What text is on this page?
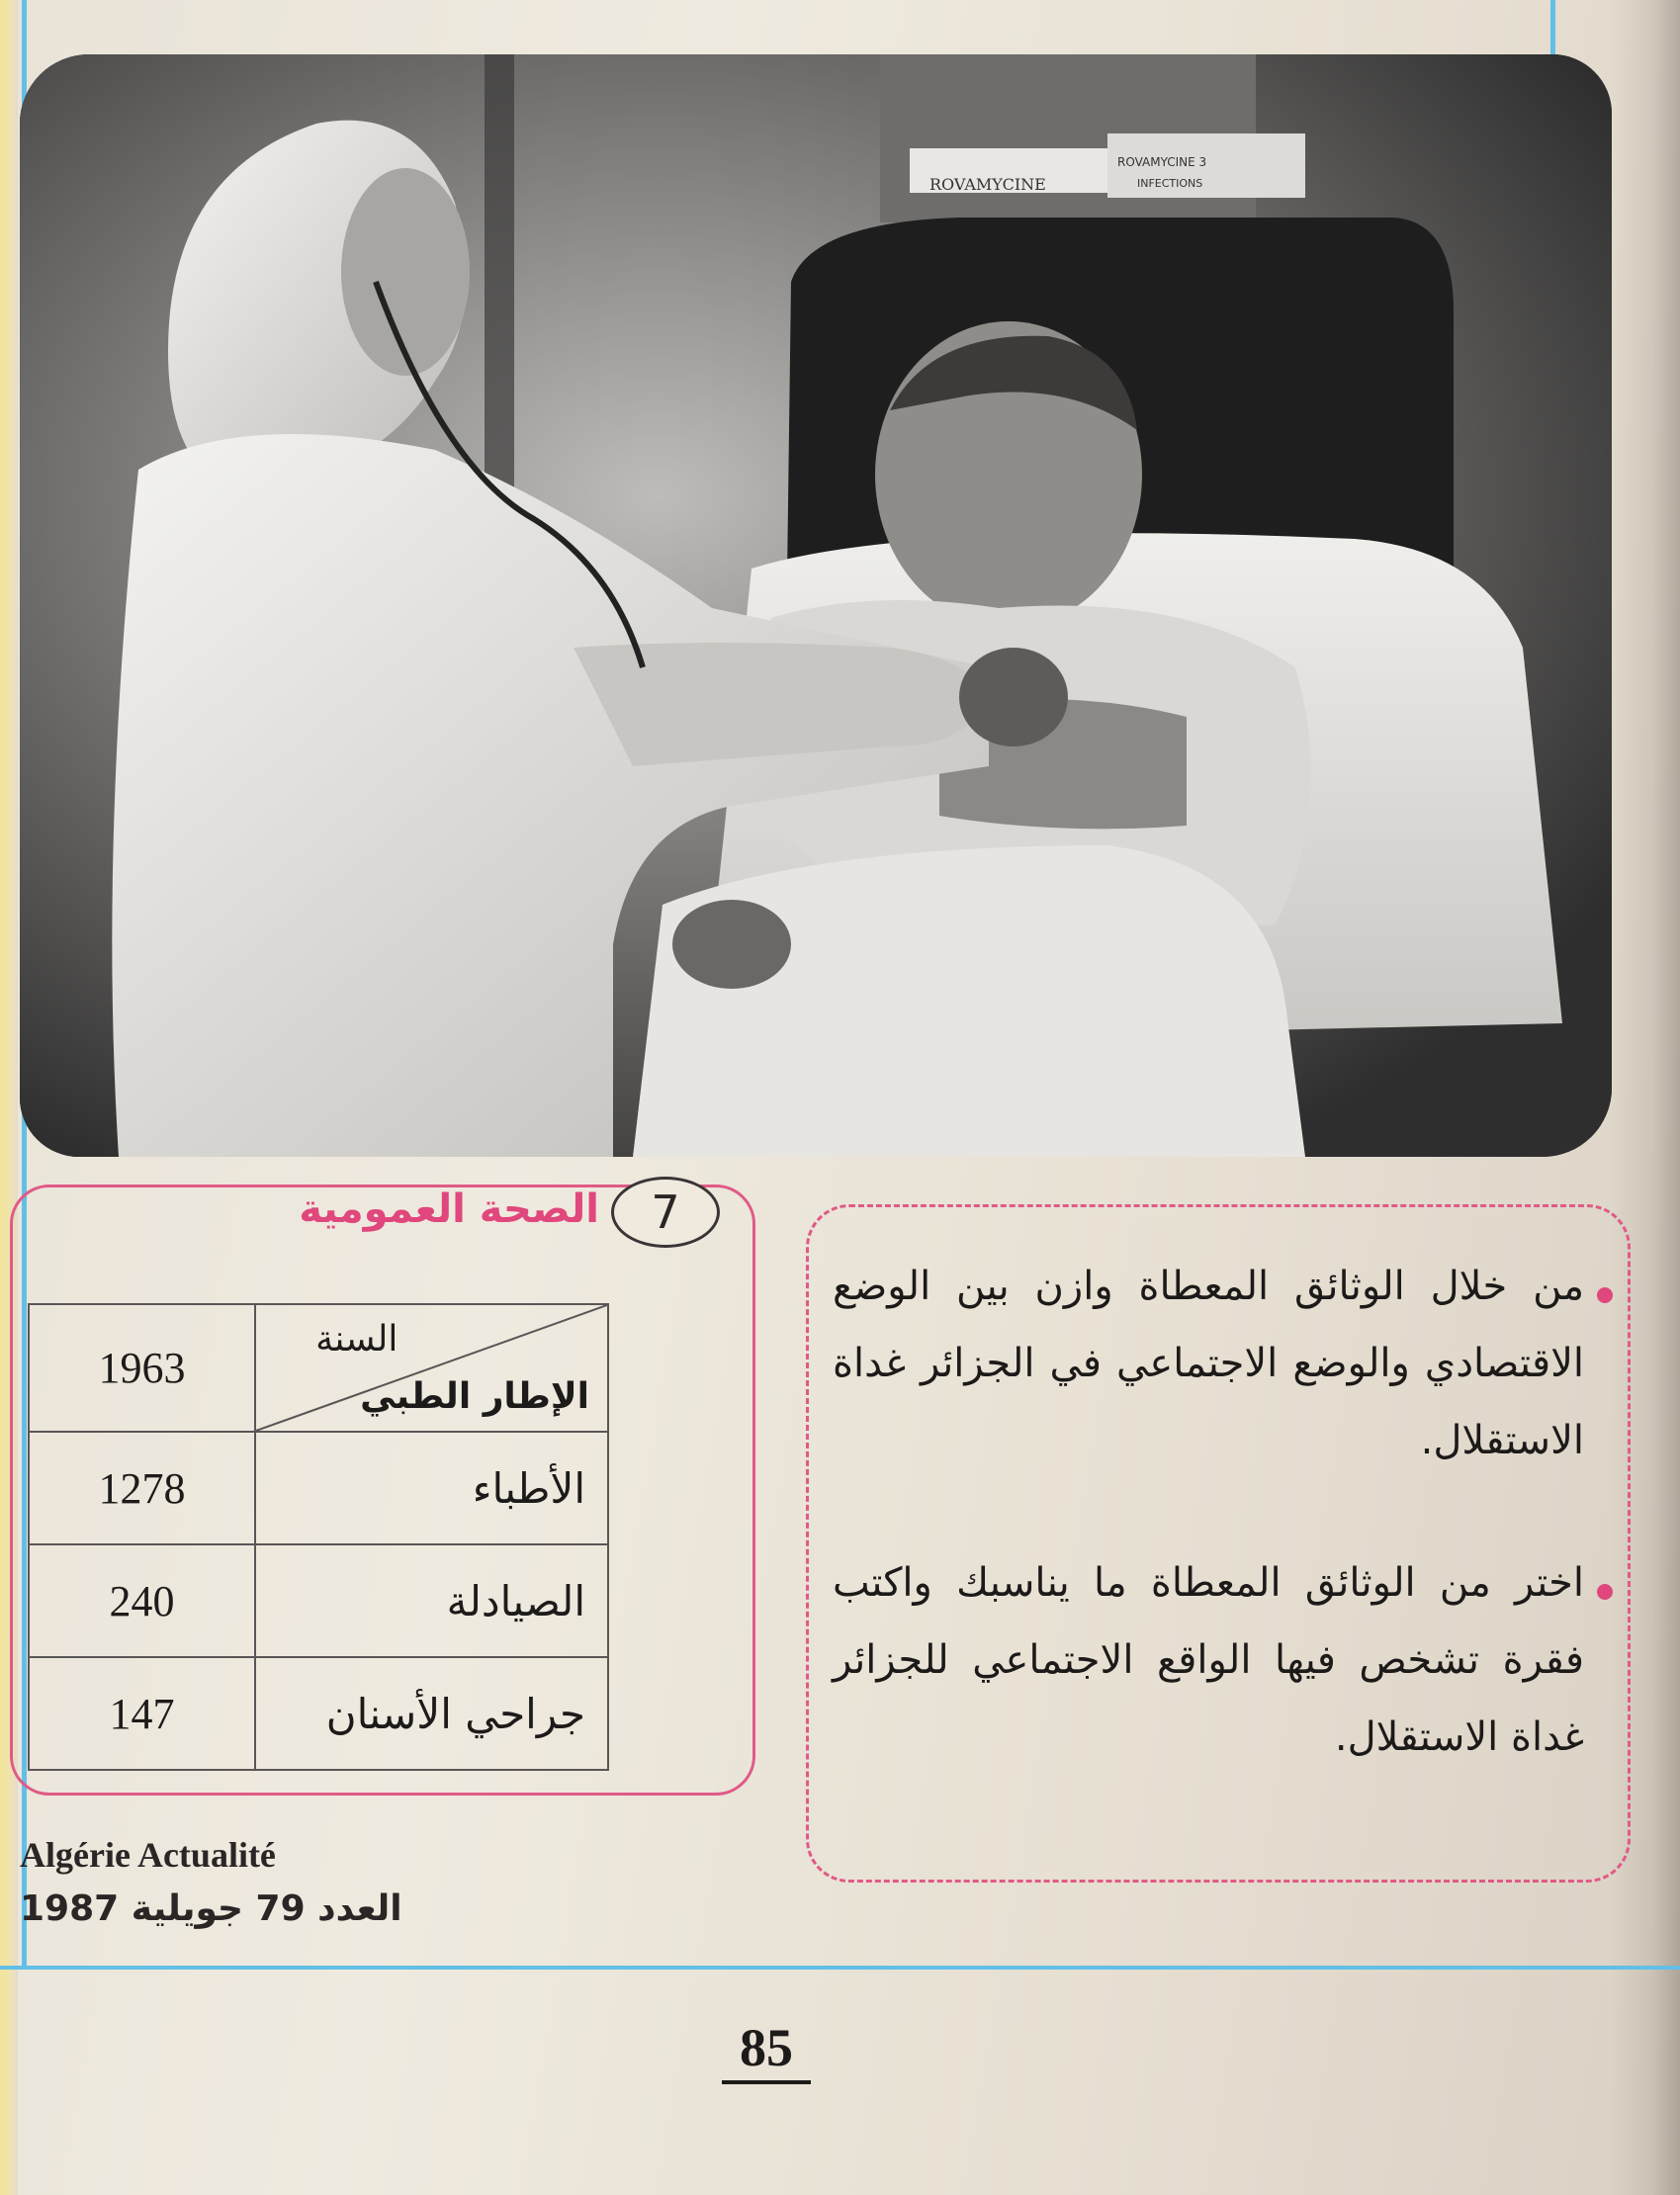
ROVAMYCINE
ROVAMYCINE 3
INFECTIONS
7
الصحة العمومية
السنة
الإطار الطبي	1963
الأطباء	1278
الصيادلة	240
جراحي الأسنان	147
Algérie Actualité
العدد 79 جويلية 1987
من خلال الوثائق المعطاة وازن بين الوضع الاقتصادي والوضع الاجتماعي في الجزائر غداة الاستقلال.
اختر من الوثائق المعطاة ما يناسبك واكتب فقرة تشخص فيها الواقع الاجتماعي للجزائر غداة الاستقلال.
85
